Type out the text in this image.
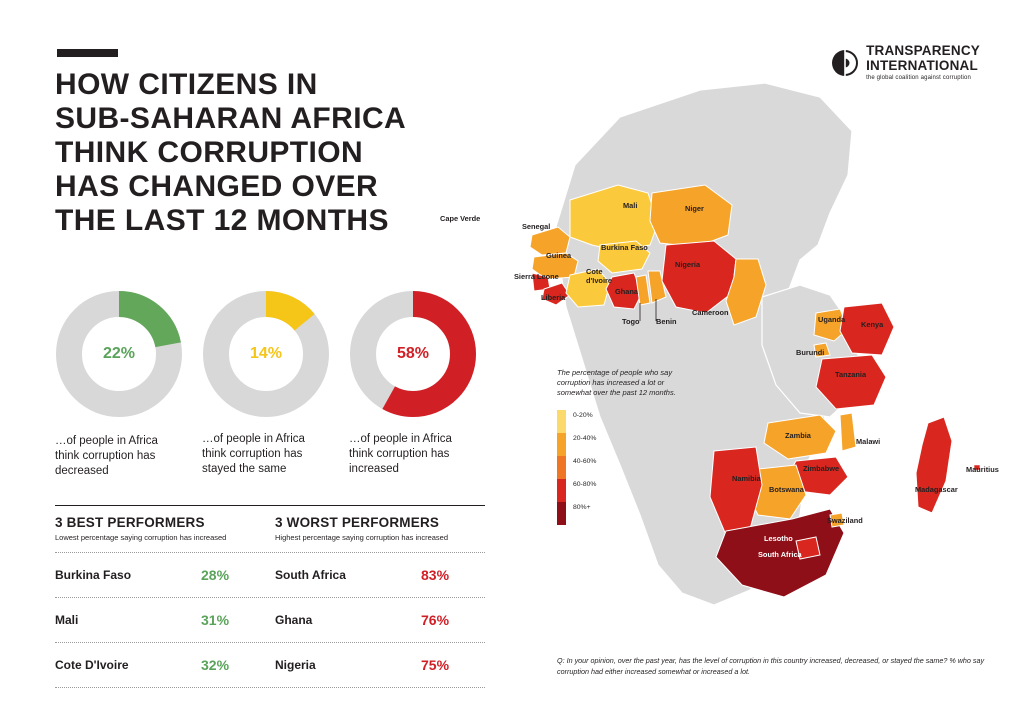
HOW CITIZENS IN
SUB-SAHARAN AFRICA
THINK CORRUPTION
HAS CHANGED OVER
THE LAST 12 MONTHS
TRANSPARENCY
INTERNATIONAL
the global coalition against corruption
22%
…of people in Africa think corruption has decreased
14%
…of people in Africa think corruption has stayed the same
58%
…of people in Africa think corruption has increased
3 BEST PERFORMERS
Lowest percentage saying corruption has increased
3 WORST PERFORMERS
Highest percentage saying corruption has increased
Burkina Faso	28%	South Africa	83%
Mali	31%	Ghana	76%
Cote D'Ivoire	32%	Nigeria	75%
Cape Verde
Senegal
Guinea
Sierra Leone
Liberia
Mali
Burkina Faso
Cote d'Ivoire
Ghana
Togo Benin
Niger
Nigeria
Cameroon
Uganda
Kenya
Burundi
Tanzania
Zambia
Malawi
Zimbabwe
Namibia
Botswana
Swaziland
Lesotho
South Africa
Madagascar
Mauritius
The percentage of people who say corruption has increased a lot or somewhat over the past 12 months.
0-20%
20-40%
40-60%
60-80%
80%+
Q: In your opinion, over the past year, has the level of corruption in this country increased, decreased, or stayed the same? % who say corruption had either increased somewhat or increased a lot.
